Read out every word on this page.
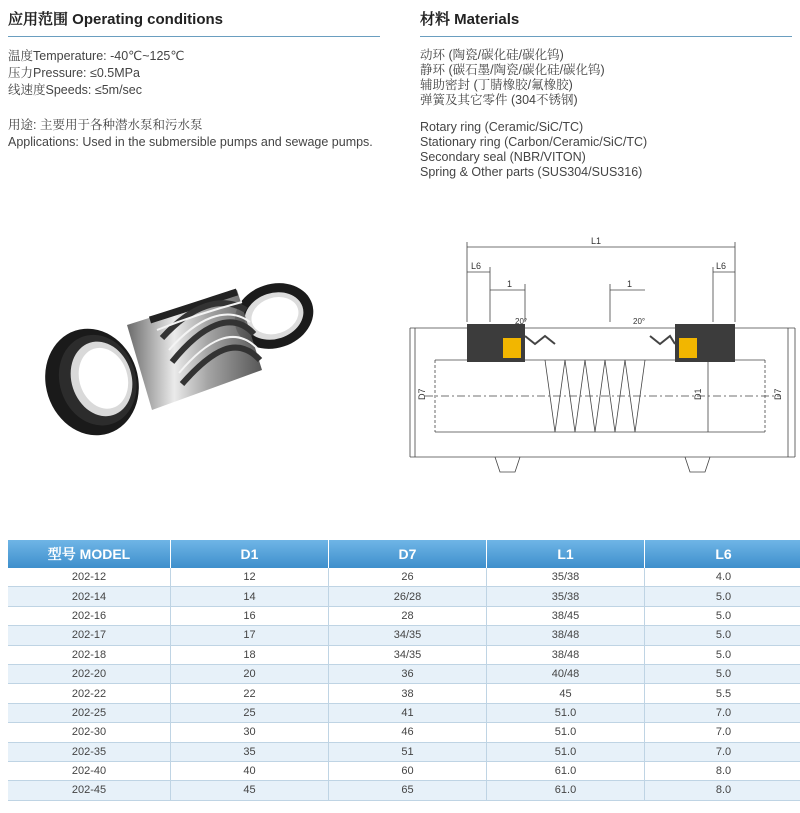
应用范围 Operating conditions
温度Temperature: -40℃~125℃
压力Pressure: ≤0.5MPa
线速度Speeds: ≤5m/sec
用途: 主要用于各种潜水泵和污水泵
Applications: Used in the submersible pumps and sewage pumps.
材料 Materials
动环 (陶瓷/碳化硅/碳化钨)
静环 (碳石墨/陶瓷/碳化硅/碳化钨)
辅助密封 (丁腈橡胶/氟橡胶)
弹簧及其它零件 (304不锈钢)
Rotary ring (Ceramic/SiC/TC)
Stationary ring (Carbon/Ceramic/SiC/TC)
Secondary seal (NBR/VITON)
Spring & Other parts (SUS304/SUS316)
L1
L6	L6
1	1
20°	20°
D7	D1	D7
型号 MODEL	D1	D7	L1	L6
202-12	12	26	35/38	4.0
202-14	14	26/28	35/38	5.0
202-16	16	28	38/45	5.0
202-17	17	34/35	38/48	5.0
202-18	18	34/35	38/48	5.0
202-20	20	36	40/48	5.0
202-22	22	38	45	5.5
202-25	25	41	51.0	7.0
202-30	30	46	51.0	7.0
202-35	35	51	51.0	7.0
202-40	40	60	61.0	8.0
202-45	45	65	61.0	8.0
